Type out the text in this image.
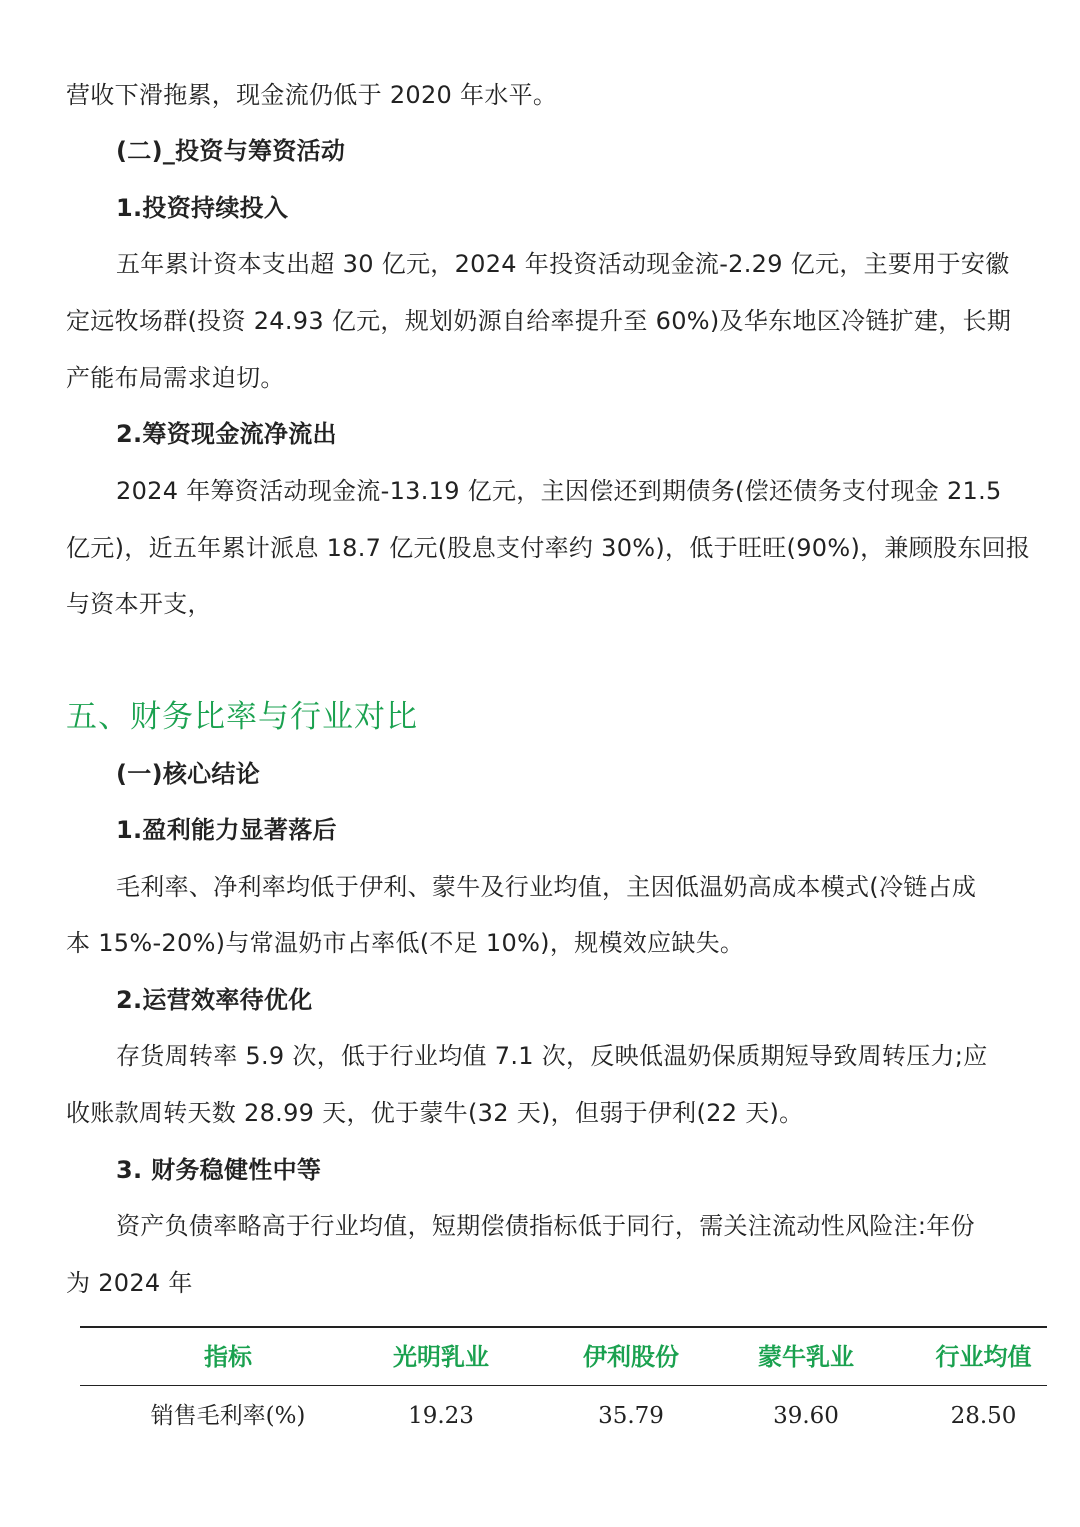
营收下滑拖累，现金流仍低于 2020 年水平。
(二)_投资与筹资活动
1.投资持续投入
五年累计资本支出超 30 亿元，2024 年投资活动现金流-2.29 亿元，主要用于安徽
定远牧场群(投资 24.93 亿元，规划奶源自给率提升至 60%)及华东地区冷链扩建，长期
产能布局需求迫切。
2.筹资现金流净流出
2024 年筹资活动现金流-13.19 亿元，主因偿还到期债务(偿还债务支付现金 21.5
亿元)，近五年累计派息 18.7 亿元(股息支付率约 30%)，低于旺旺(90%)，兼顾股东回报
与资本开支，
五、财务比率与行业对比
(一)核心结论
1.盈利能力显著落后
毛利率、净利率均低于伊利、蒙牛及行业均值，主因低温奶高成本模式(冷链占成
本 15%-20%)与常温奶市占率低(不足 10%)，规模效应缺失。
2.运营效率待优化
存货周转率 5.9 次，低于行业均值 7.1 次，反映低温奶保质期短导致周转压力;应
收账款周转天数 28.99 天，优于蒙牛(32 天)，但弱于伊利(22 天)。
3. 财务稳健性中等
资产负债率略高于行业均值，短期偿债指标低于同行，需关注流动性风险注:年份
为 2024 年
指标	光明乳业	伊利股份	蒙牛乳业	行业均值
销售毛利率(%)	19.23	35.79	39.60	28.50
